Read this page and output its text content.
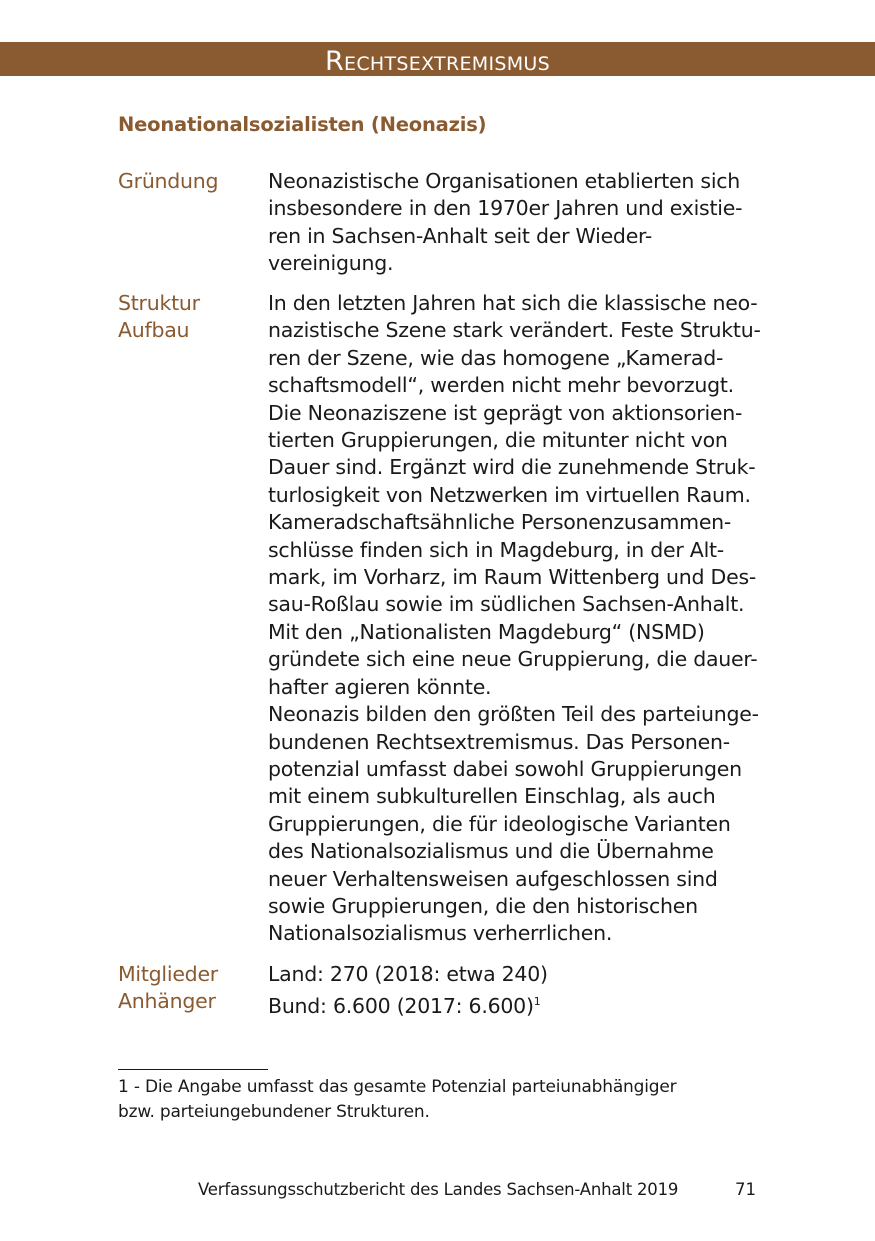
Rechtsextremismus
Neonationalsozialisten (Neonazis)
Gründung	Neonazistische Organisationen etablierten sich
insbesondere in den 1970er Jahren und existie-
ren in Sachsen-Anhalt seit der Wieder-
vereinigung.
Struktur
Aufbau
In den letzten Jahren hat sich die klassische neo-
nazistische Szene stark verändert. Feste Struktu-
ren der Szene, wie das homogene „Kamerad-
schaftsmodell“, werden nicht mehr bevorzugt.
Die Neonaziszene ist geprägt von aktionsorien-
tierten Gruppierungen, die mitunter nicht von
Dauer sind. Ergänzt wird die zunehmende Struk-
turlosigkeit von Netzwerken im virtuellen Raum.
Kameradschaftsähnliche Personenzusammen-
schlüsse finden sich in Magdeburg, in der Alt-
mark, im Vorharz, im Raum Wittenberg und Des-
sau-Roßlau sowie im südlichen Sachsen-Anhalt.
Mit den „Nationalisten Magdeburg“ (NSMD)
gründete sich eine neue Gruppierung, die dauer-
hafter agieren könnte.
Neonazis bilden den größten Teil des parteiunge-
bundenen Rechtsextremismus. Das Personen-
potenzial umfasst dabei sowohl Gruppierungen
mit einem subkulturellen Einschlag, als auch
Gruppierungen, die für ideologische Varianten
des Nationalsozialismus und die Übernahme
neuer Verhaltensweisen aufgeschlossen sind
sowie Gruppierungen, die den historischen
Nationalsozialismus verherrlichen.
Mitglieder
Anhänger
Land: 270 (2018: etwa 240)
Bund: 6.600 (2017: 6.600)$^1$
1 - Die Angabe umfasst das gesamte Potenzial parteiunabhängiger
bzw. parteiungebundener Strukturen.
Verfassungsschutzbericht des Landes Sachsen-Anhalt 2019	71
